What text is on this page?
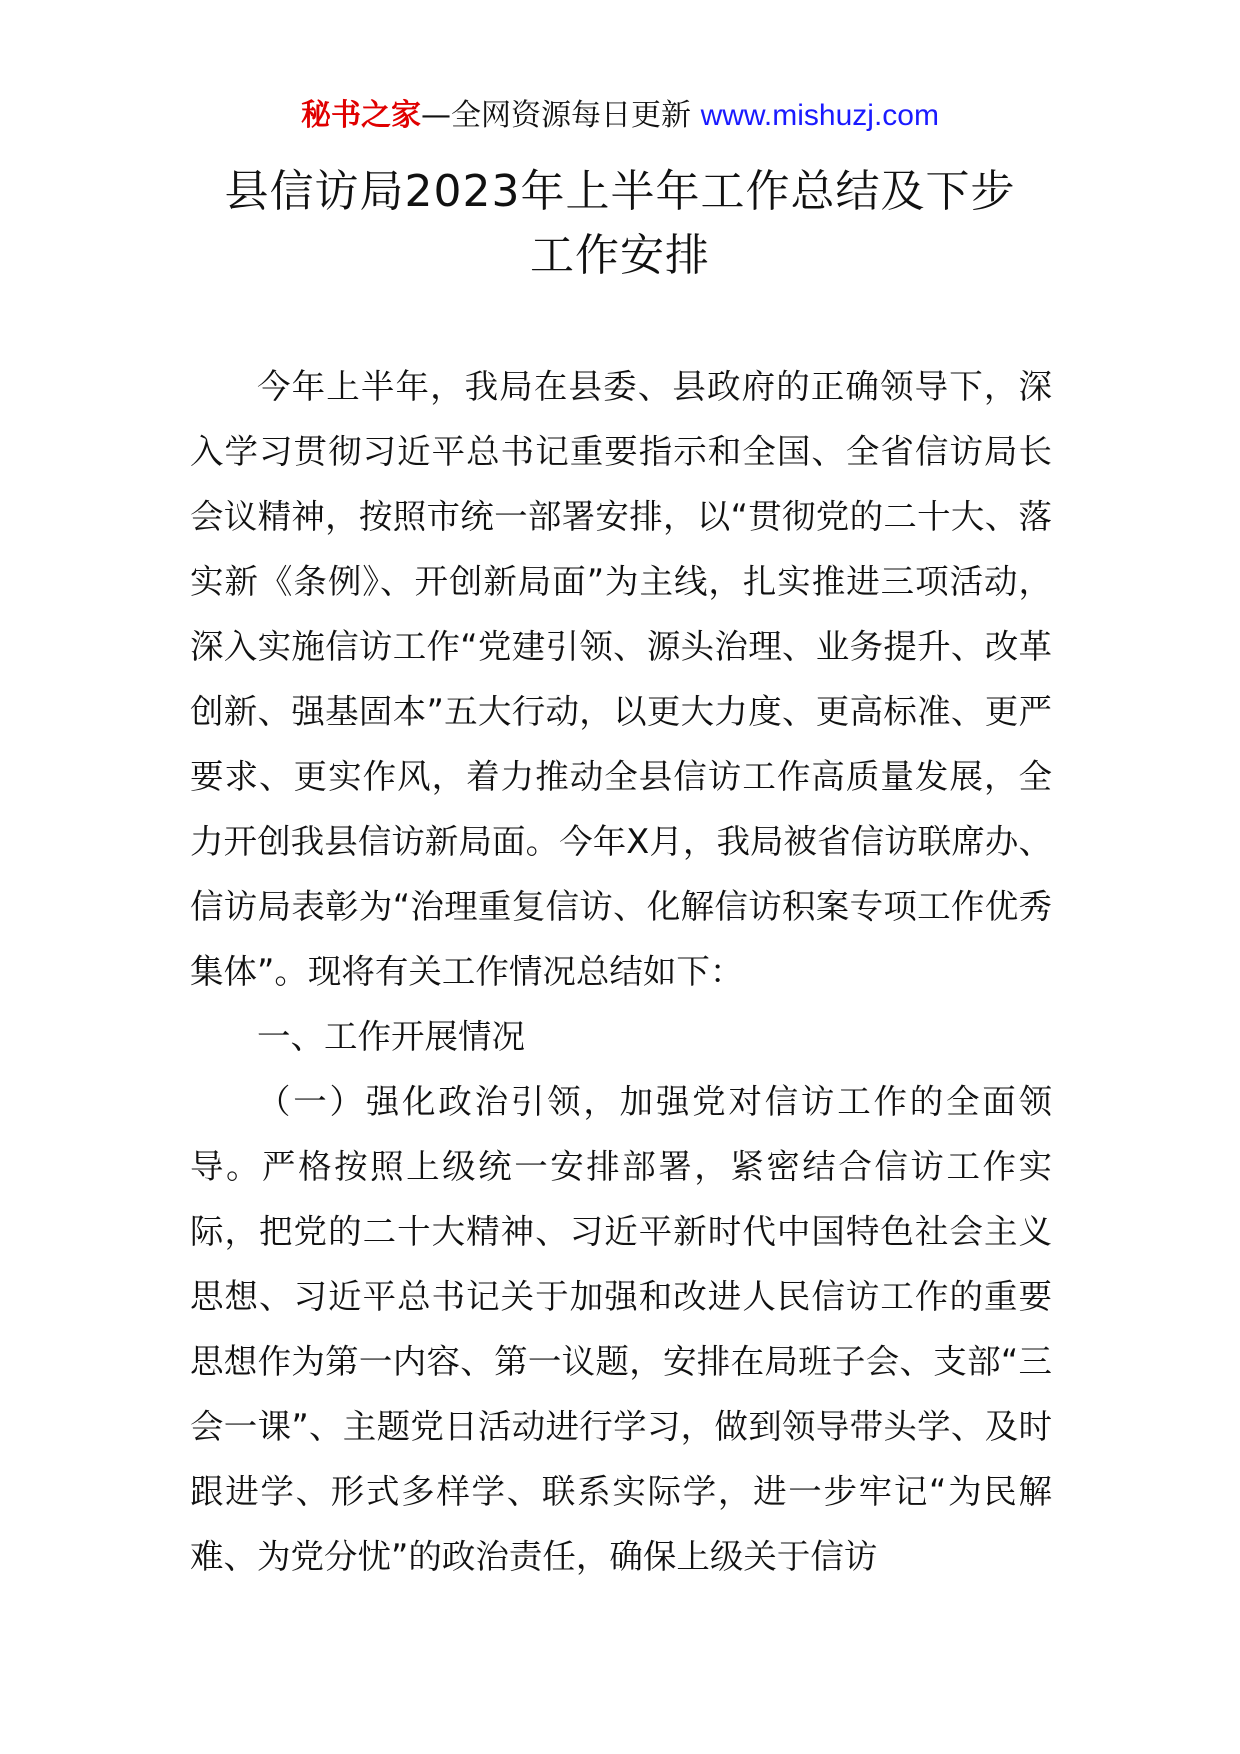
秘书之家—全网资源每日更新 www.mishuzj.com
县信访局2023年上半年工作总结及下步
工作安排

今年上半年，我局在县委、县政府的正确领导下，深入学习贯彻习近平总书记重要指示和全国、全省信访局长会议精神，按照市统一部署安排，以“贯彻党的二十大、落实新《条例》、开创新局面”为主线，扎实推进三项活动，深入实施信访工作“党建引领、源头治理、业务提升、改革创新、强基固本”五大行动，以更大力度、更高标准、更严要求、更实作风，着力推动全县信访工作高质量发展，全力开创我县信访新局面。今年X月，我局被省信访联席办、信访局表彰为“治理重复信访、化解信访积案专项工作优秀集体”。现将有关工作情况总结如下：

一、工作开展情况

（一）强化政治引领，加强党对信访工作的全面领导。严格按照上级统一安排部署，紧密结合信访工作实际，把党的二十大精神、习近平新时代中国特色社会主义思想、习近平总书记关于加强和改进人民信访工作的重要思想作为第一内容、第一议题，安排在局班子会、支部“三会一课”、主题党日活动进行学习，做到领导带头学、及时跟进学、形式多样学、联系实际学，进一步牢记“为民解难、为党分忧”的政治责任，确保上级关于信访
